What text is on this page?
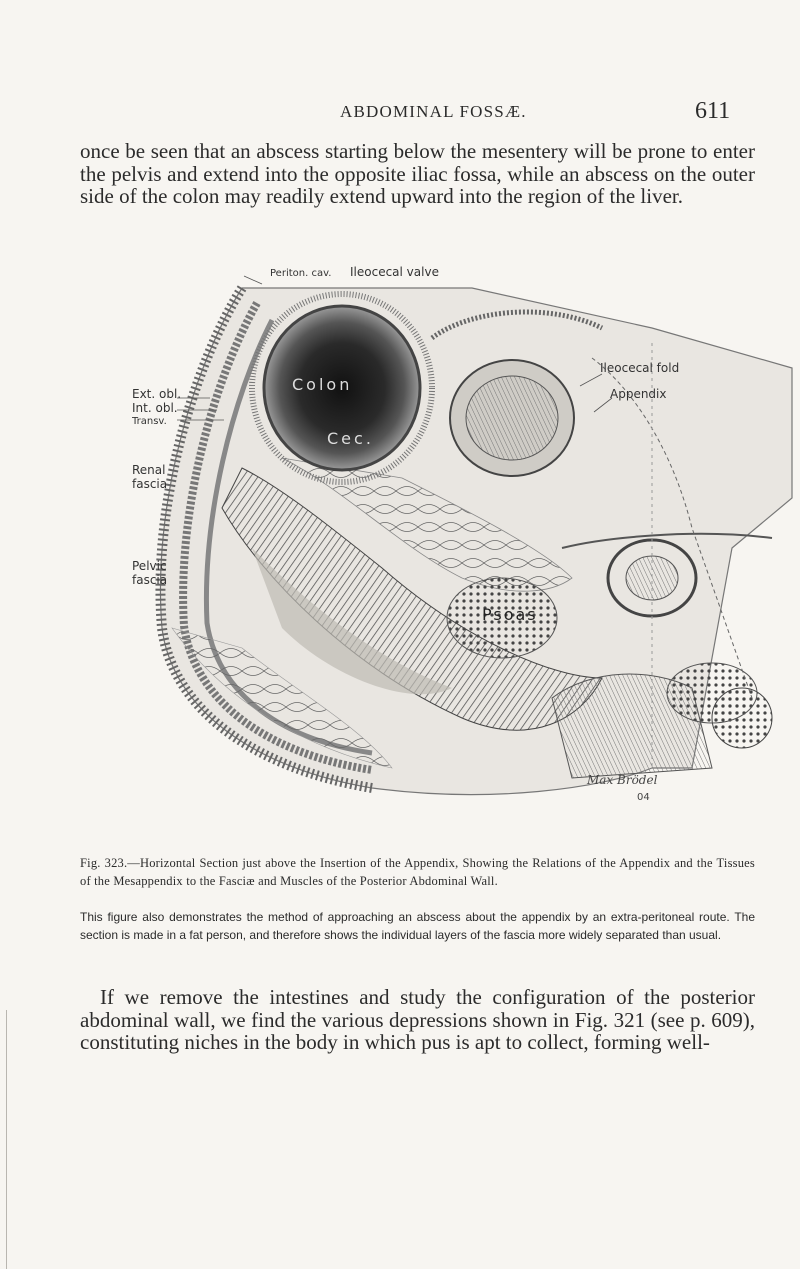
ABDOMINAL FOSSÆ.	611

once be seen that an abscess starting below the mesentery will be prone to enter the pelvis and extend into the opposite iliac fossa, while an abscess on the outer side of the colon may readily extend upward into the region of the liver.

Psoas
Colon
Cec.
Periton. cav. Ileocecal valve
Ileocecal fold
Appendix
Ext. obl.
Int. obl.
Transv.
Renal
fascia
Pelvic
fascia
Max Brödel
04

Fig. 323.—Horizontal Section just above the Insertion of the Appendix, Showing the Relations of the Appendix and the Tissues of the Mesappendix to the Fasciæ and Muscles of the Posterior Abdominal Wall.

This figure also demonstrates the method of approaching an abscess about the appendix by an extra-peritoneal route. The section is made in a fat person, and therefore shows the individual layers of the fascia more widely separated than usual.

If we remove the intestines and study the configuration of the posterior abdominal wall, we find the various depressions shown in Fig. 321 (see p. 609), constituting niches in the body in which pus is apt to collect, forming well-
